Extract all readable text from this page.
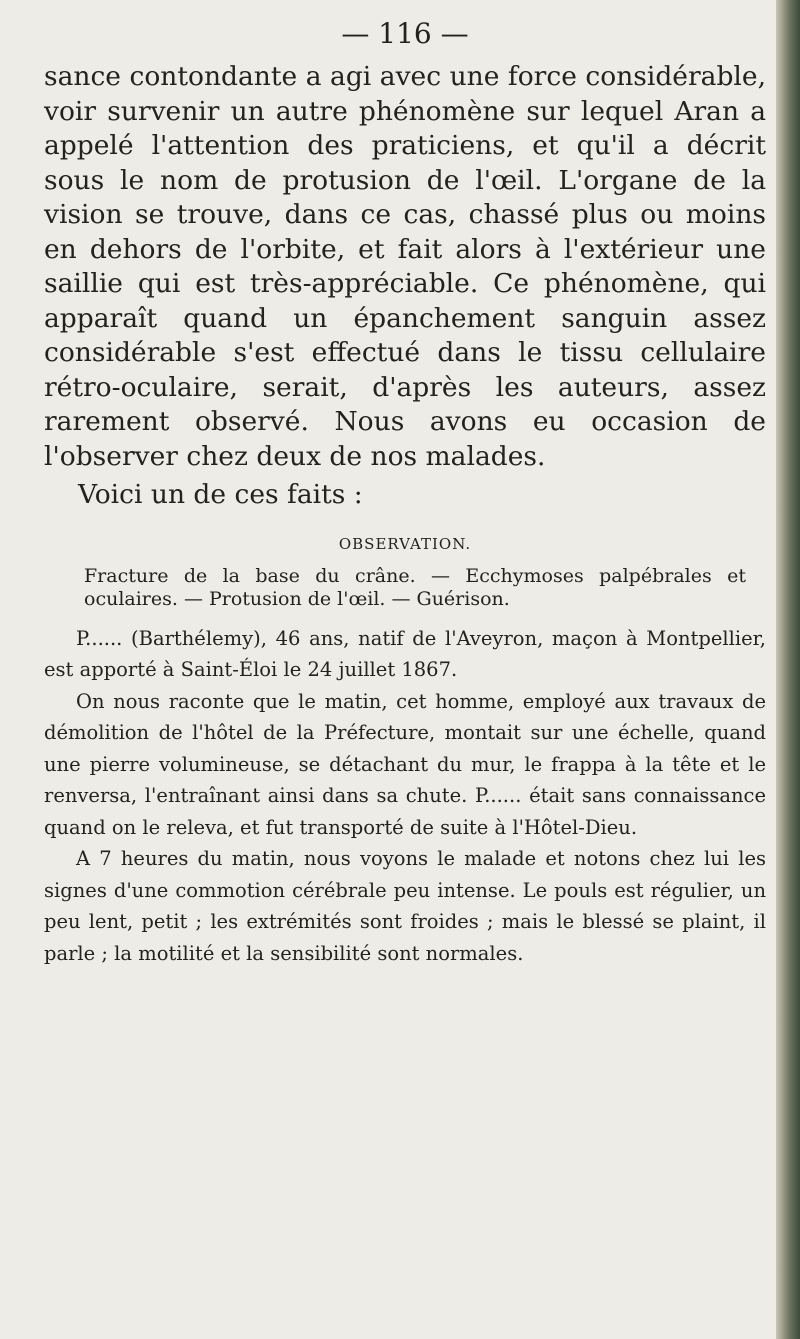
— 116 —

sance contondante a agi avec une force considérable, voir survenir un autre phénomène sur lequel Aran a appelé l'attention des praticiens, et qu'il a décrit sous le nom de protusion de l'œil. L'organe de la vision se trouve, dans ce cas, chassé plus ou moins en dehors de l'orbite, et fait alors à l'extérieur une saillie qui est très-appréciable. Ce phénomène, qui apparaît quand un épanchement sanguin assez considérable s'est effectué dans le tissu cellulaire rétro-oculaire, serait, d'après les auteurs, assez rarement observé. Nous avons eu occasion de l'observer chez deux de nos malades.

Voici un de ces faits :

OBSERVATION.

Fracture de la base du crâne. — Ecchymoses palpébrales et oculaires. — Protusion de l'œil. — Guérison.

P...... (Barthélemy), 46 ans, natif de l'Aveyron, maçon à Montpellier, est apporté à Saint-Éloi le 24 juillet 1867.

On nous raconte que le matin, cet homme, employé aux travaux de démolition de l'hôtel de la Préfecture, montait sur une échelle, quand une pierre volumineuse, se détachant du mur, le frappa à la tête et le renversa, l'entraînant ainsi dans sa chute. P...... était sans connaissance quand on le releva, et fut transporté de suite à l'Hôtel-Dieu.

A 7 heures du matin, nous voyons le malade et notons chez lui les signes d'une commotion cérébrale peu intense. Le pouls est régulier, un peu lent, petit ; les extrémités sont froides ; mais le blessé se plaint, il parle ; la motilité et la sensibilité sont normales.
